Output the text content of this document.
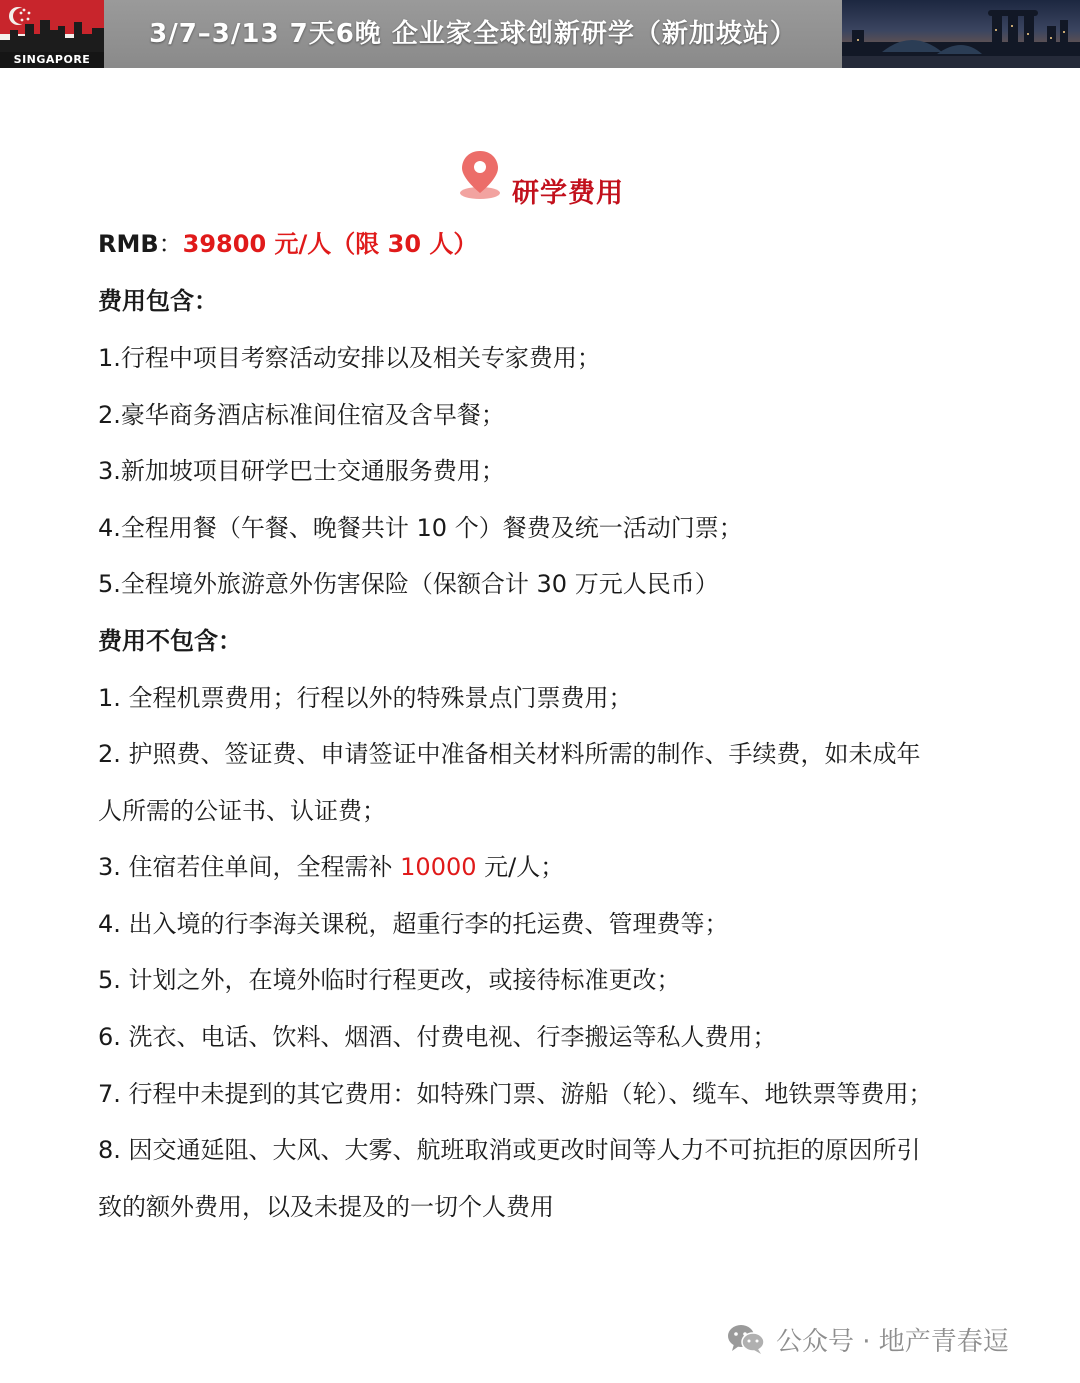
SINGAPORE
3/7–3/13 7天6晚 企业家全球创新研学（新加坡站）
研学费用
RMB：39800 元/人（限 30 人）
费用包含：
1.行程中项目考察活动安排以及相关专家费用；
2.豪华商务酒店标准间住宿及含早餐；
3.新加坡项目研学巴士交通服务费用；
4.全程用餐（午餐、晚餐共计 10 个）餐费及统一活动门票；
5.全程境外旅游意外伤害保险（保额合计 30 万元人民币）
费用不包含：
1. 全程机票费用；行程以外的特殊景点门票费用；
2. 护照费、签证费、申请签证中准备相关材料所需的制作、手续费，如未成年
人所需的公证书、认证费；
3. 住宿若住单间，全程需补 10000 元/人；
4. 出入境的行李海关课税，超重行李的托运费、管理费等；
5. 计划之外，在境外临时行程更改，或接待标准更改；
6. 洗衣、电话、饮料、烟酒、付费电视、行李搬运等私人费用；
7. 行程中未提到的其它费用：如特殊门票、游船（轮）、缆车、地铁票等费用；
8. 因交通延阻、大风、大雾、航班取消或更改时间等人力不可抗拒的原因所引
致的额外费用，以及未提及的一切个人费用
公众号 · 地产青春逗
